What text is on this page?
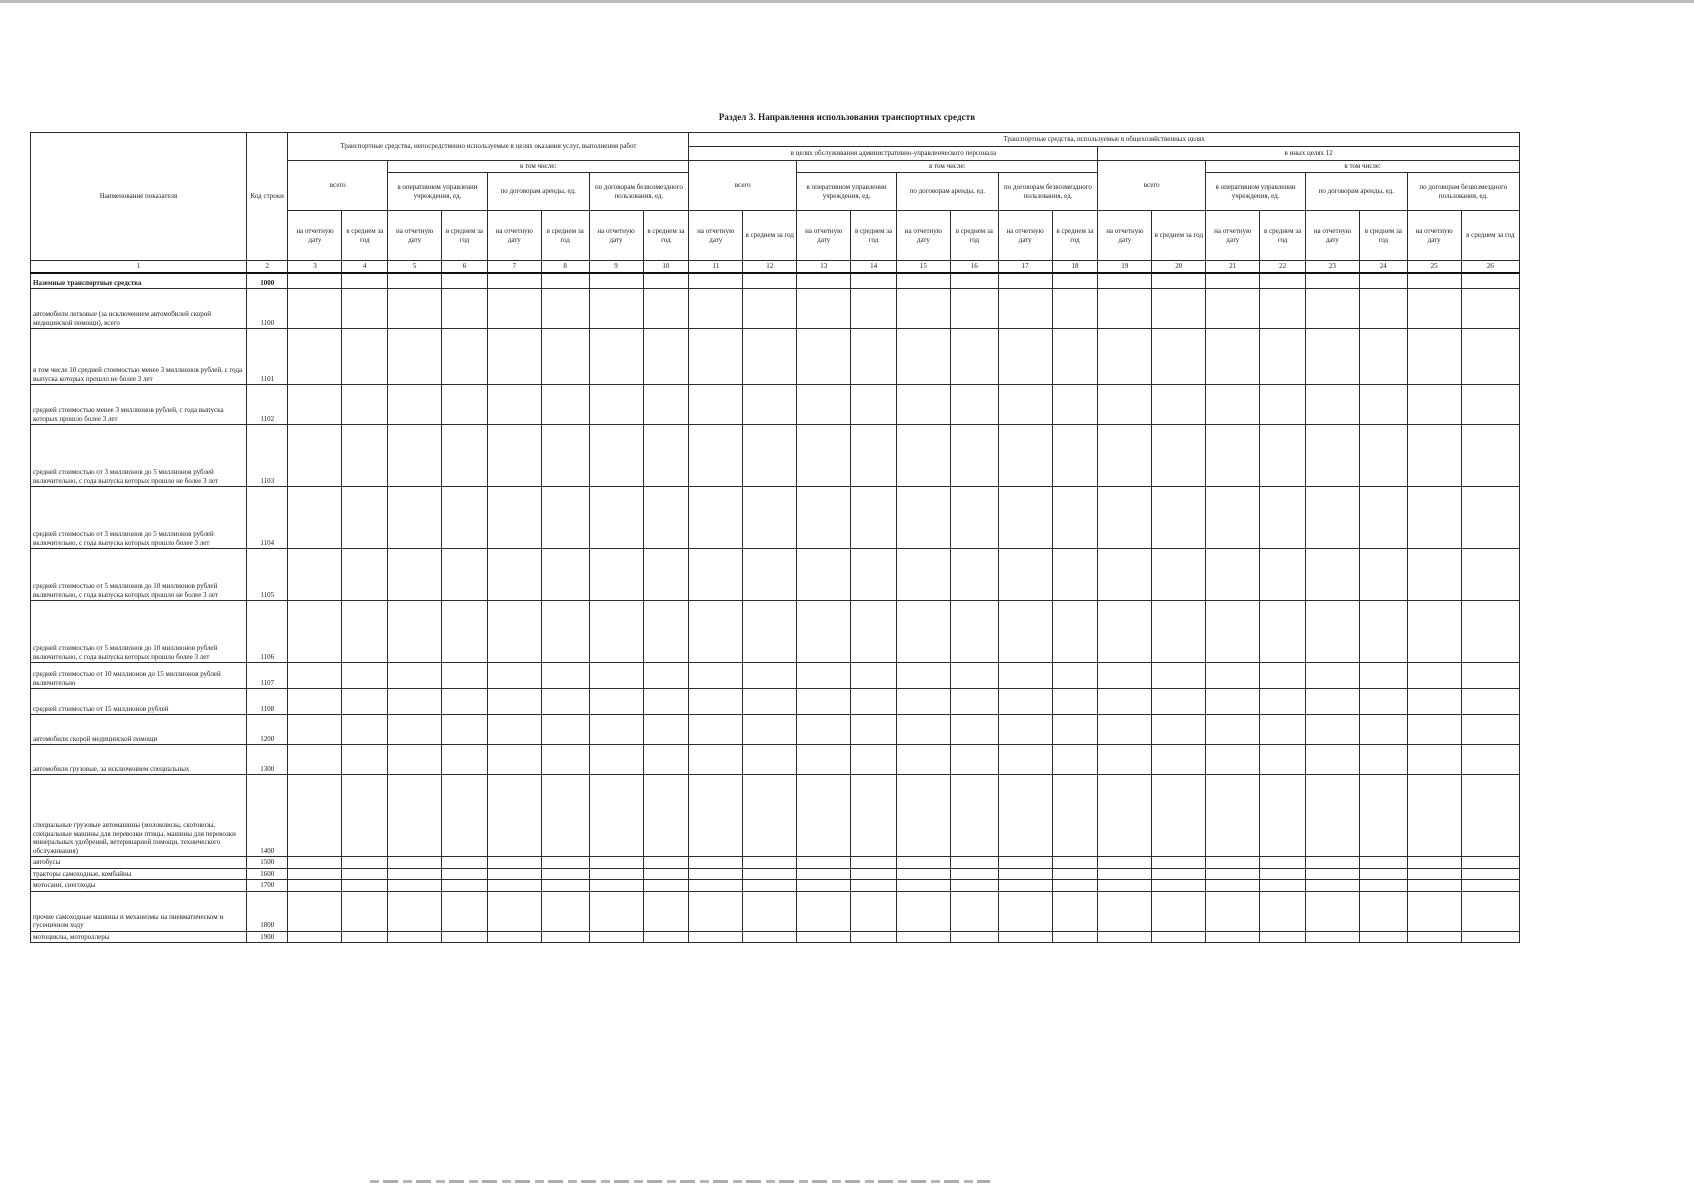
Раздел 3. Направления использования транспортных средств
Наименование показателя	Код строки	Транспортные средства, непосредственно используемые в целях оказания услуг, выполнения работ								Транспортные средства, используемые в общехозяйственных целях															
										в целях обслуживания административно-управленческого персонала								в иных целях 12							
		всего		в том числе:						всего		в том числе:						всего		в том числе:					
				в оперативном управлении учреждения, ед.		по договорам аренды, ед.		по договорам безвозмездного пользования, ед.				в оперативном управлении учреждения, ед.		по договорам аренды, ед.		по договорам безвозмездного пользования, ед.				в оперативном управлении учреждения, ед.		по договорам аренды, ед.		по договорам безвозмездного пользования, ед.	
		на отчетную дату	в среднем за год	на отчетную дату	в среднем за год	на отчетную дату	в среднем за год	на отчетную дату	в среднем за год	на отчетную дату	в среднем за год	на отчетную дату	в среднем за год	на отчетную дату	в среднем за год	на отчетную дату	в среднем за год	на отчетную дату	в среднем за год	на отчетную дату	в среднем за год	на отчетную дату	в среднем за год	на отчетную дату	в среднем за год
1	2	3	4	5	6	7	8	9	10	11	12	13	14	15	16	17	18	19	20	21	22	23	24	25	26
Наземные транспортные средства	1000																								
автомобили легковые (за исключением автомобилей скорой медицинской помощи), всего	1100																								
в том числе 10 средней стоимостью менее 3 миллионов рублей, с года выпуска которых прошло не более 3 лет	1101																								
средней стоимостью менее 3 миллионов рублей, с года выпуска которых прошло более 3 лет	1102																								
средней стоимостью от 3 миллионов до 5 миллионов рублей включительно, с года выпуска которых прошло не более 3 лет	1103																								
средней стоимостью от 3 миллионов до 5 миллионов рублей включительно, с года выпуска которых прошло более 3 лет	1104																								
средней стоимостью от 5 миллионов до 10 миллионов рублей включительно, с года выпуска которых прошло не более 3 лет	1105																								
средней стоимостью от 5 миллионов до 10 миллионов рублей включительно, с года выпуска которых прошло более 3 лет	1106																								
средней стоимостью от 10 миллионов до 15 миллионов рублей включительно	1107																								
средней стоимостью от 15 миллионов рублей	1108																								
автомобили скорой медицинской помощи	1200																								
автомобили грузовые, за исключением специальных	1300																								
специальные грузовые автомашины (молоковозы, скотовозы, специальные машины для перевозки птицы, машины для перевозки минеральных удобрений, ветеринарной помощи, технического обслуживания)	1400																								
автобусы	1500																								
тракторы самоходные, комбайны	1600																								
мотосани, снегоходы	1700																								
прочие самоходные машины и механизмы на пневматическом и гусеничном ходу	1800																								
мотоциклы, мотороллеры	1900																								
